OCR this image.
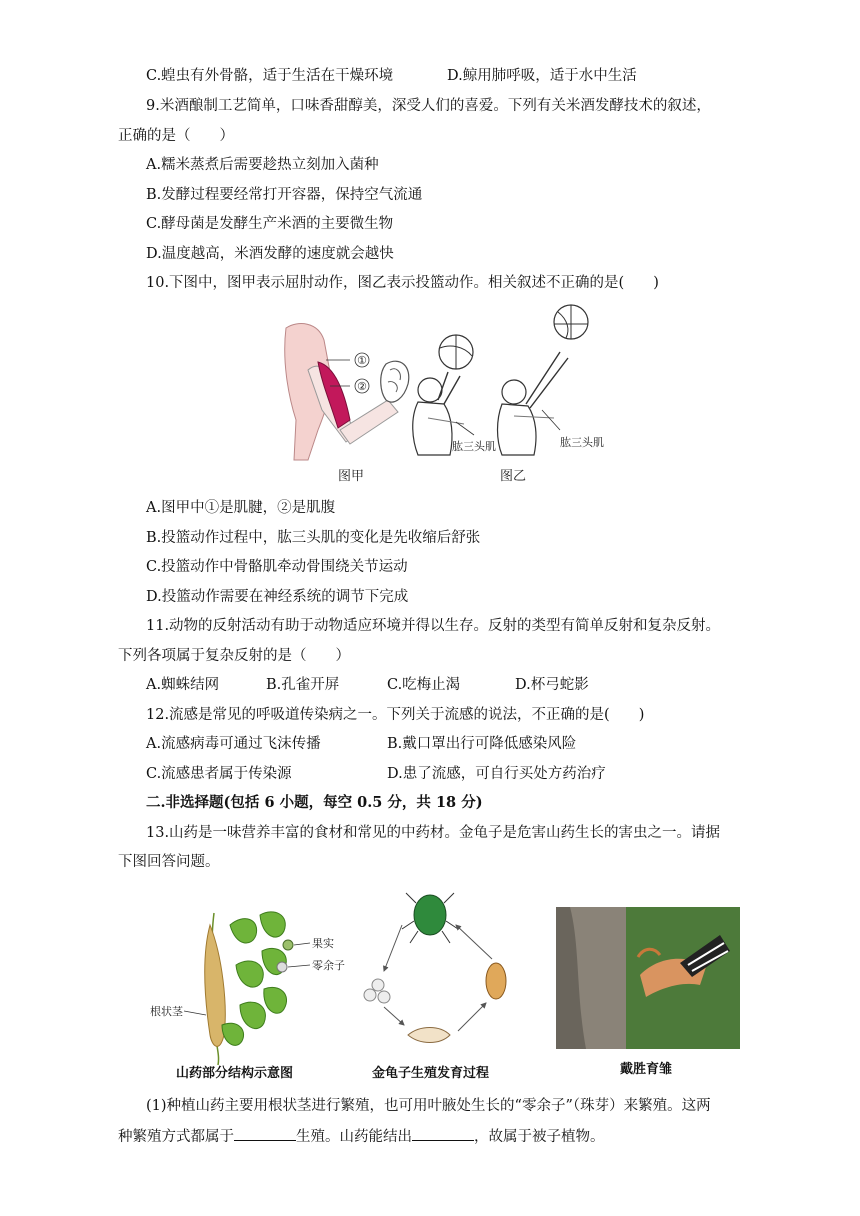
C.蝗虫有外骨骼，适于生活在干燥环境	D.鲸用肺呼吸，适于水中生活
9.米酒酿制工艺简单，口味香甜醇美，深受人们的喜爱。下列有关米酒发酵技术的叙述，
正确的是（　　）
A.糯米蒸煮后需要趁热立刻加入菌种
B.发酵过程要经常打开容器，保持空气流通
C.酵母菌是发酵生产米酒的主要微生物
D.温度越高，米酒发酵的速度就会越快
10.下图中，图甲表示屈肘动作，图乙表示投篮动作。相关叙述不正确的是(　　)
①
②
肱三头肌	肱三头肌
图甲	图乙
A.图甲中①是肌腱，②是肌腹
B.投篮动作过程中，肱三头肌的变化是先收缩后舒张
C.投篮动作中骨骼肌牵动骨围绕关节运动
D.投篮动作需要在神经系统的调节下完成
11.动物的反射活动有助于动物适应环境并得以生存。反射的类型有简单反射和复杂反射。
下列各项属于复杂反射的是（　　）
A.蜘蛛结网	B.孔雀开屏	C.吃梅止渴	D.杯弓蛇影
12.流感是常见的呼吸道传染病之一。下列关于流感的说法，不正确的是(　　)
A.流感病毒可通过飞沫传播	B.戴口罩出行可降低感染风险
C.流感患者属于传染源	D.患了流感，可自行买处方药治疗
二.非选择题(包括 6 小题，每空 0.5 分，共 18 分)
13.山药是一味营养丰富的食材和常见的中药材。金龟子是危害山药生长的害虫之一。请据
下图回答问题。
果实
零余子
根状茎
山药部分结构示意图	金龟子生殖发育过程	戴胜育雏
(1)种植山药主要用根状茎进行繁殖，也可用叶腋处生长的“零余子”（珠芽）来繁殖。这两
种繁殖方式都属于	生殖。山药能结出	，故属于被子植物。
